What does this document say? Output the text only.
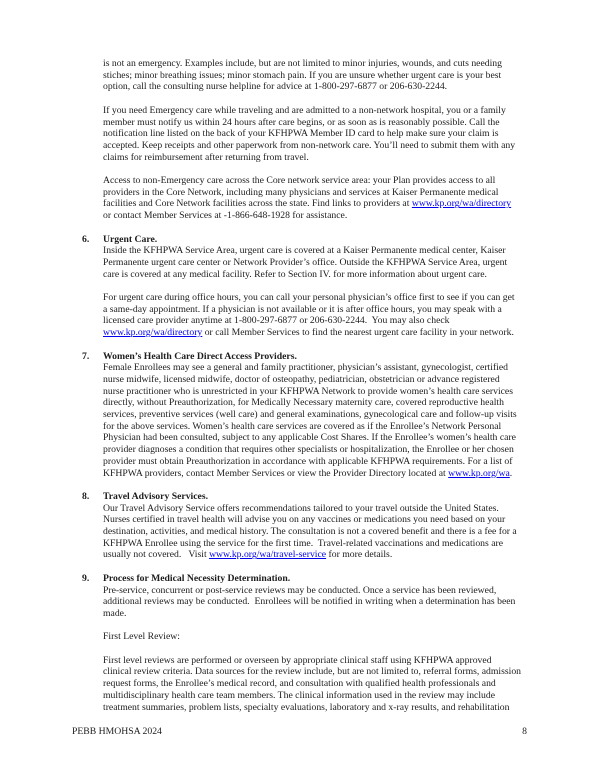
is not an emergency. Examples include, but are not limited to minor injuries, wounds, and cuts needing
stiches; minor breathing issues; minor stomach pain. If you are unsure whether urgent care is your best
option, call the consulting nurse helpline for advice at 1-800-297-6877 or 206-630-2244.
If you need Emergency care while traveling and are admitted to a non-network hospital, you or a family
member must notify us within 24 hours after care begins, or as soon as is reasonably possible. Call the
notification line listed on the back of your KFHPWA Member ID card to help make sure your claim is
accepted. Keep receipts and other paperwork from non-network care. You’ll need to submit them with any
claims for reimbursement after returning from travel.
Access to non-Emergency care across the Core network service area: your Plan provides access to all
providers in the Core Network, including many physicians and services at Kaiser Permanente medical
facilities and Core Network facilities across the state. Find links to providers at www.kp.org/wa/directory
or contact Member Services at -1-866-648-1928 for assistance.
6. Urgent Care.
Inside the KFHPWA Service Area, urgent care is covered at a Kaiser Permanente medical center, Kaiser
Permanente urgent care center or Network Provider’s office. Outside the KFHPWA Service Area, urgent
care is covered at any medical facility. Refer to Section IV. for more information about urgent care.
For urgent care during office hours, you can call your personal physician’s office first to see if you can get
a same-day appointment. If a physician is not available or it is after office hours, you may speak with a
licensed care provider anytime at 1-800-297-6877 or 206-630-2244.  You may also check
www.kp.org/wa/directory or call Member Services to find the nearest urgent care facility in your network.
7. Women’s Health Care Direct Access Providers.
Female Enrollees may see a general and family practitioner, physician’s assistant, gynecologist, certified
nurse midwife, licensed midwife, doctor of osteopathy, pediatrician, obstetrician or advance registered
nurse practitioner who is unrestricted in your KFHPWA Network to provide women’s health care services
directly, without Preauthorization, for Medically Necessary maternity care, covered reproductive health
services, preventive services (well care) and general examinations, gynecological care and follow-up visits
for the above services. Women’s health care services are covered as if the Enrollee’s Network Personal
Physician had been consulted, subject to any applicable Cost Shares. If the Enrollee’s women’s health care
provider diagnoses a condition that requires other specialists or hospitalization, the Enrollee or her chosen
provider must obtain Preauthorization in accordance with applicable KFHPWA requirements. For a list of
KFHPWA providers, contact Member Services or view the Provider Directory located at www.kp.org/wa.
8. Travel Advisory Services.
Our Travel Advisory Service offers recommendations tailored to your travel outside the United States.
Nurses certified in travel health will advise you on any vaccines or medications you need based on your
destination, activities, and medical history. The consultation is not a covered benefit and there is a fee for a
KFHPWA Enrollee using the service for the first time.  Travel-related vaccinations and medications are
usually not covered.   Visit www.kp.org/wa/travel-service for more details.
9. Process for Medical Necessity Determination.
Pre-service, concurrent or post-service reviews may be conducted. Once a service has been reviewed,
additional reviews may be conducted.  Enrollees will be notified in writing when a determination has been
made.
First Level Review:
First level reviews are performed or overseen by appropriate clinical staff using KFHPWA approved
clinical review criteria. Data sources for the review include, but are not limited to, referral forms, admission
request forms, the Enrollee’s medical record, and consultation with qualified health professionals and
multidisciplinary health care team members. The clinical information used in the review may include
treatment summaries, problem lists, specialty evaluations, laboratory and x-ray results, and rehabilitation
PEBB HMOHSA 2024	8
